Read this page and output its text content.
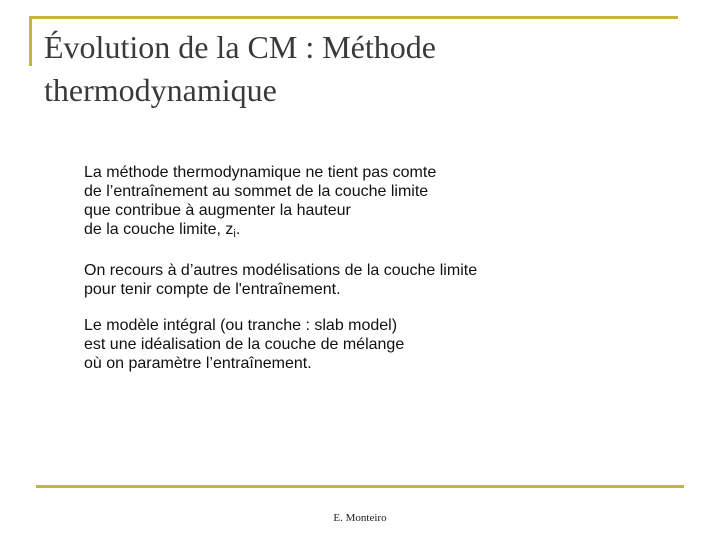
Évolution de la CM : Méthode
thermodynamique

La méthode thermodynamique ne tient pas comte
de l’entraînement au sommet de la couche limite
que contribue à augmenter la hauteur
de la couche limite, $z_i$.

On recours à d’autres modélisations de la couche limite
pour tenir compte de l'entraînement.

Le modèle intégral (ou tranche : slab model)
est une idéalisation de la couche de mélange
où on paramètre l’entraînement.

E. Monteiro
